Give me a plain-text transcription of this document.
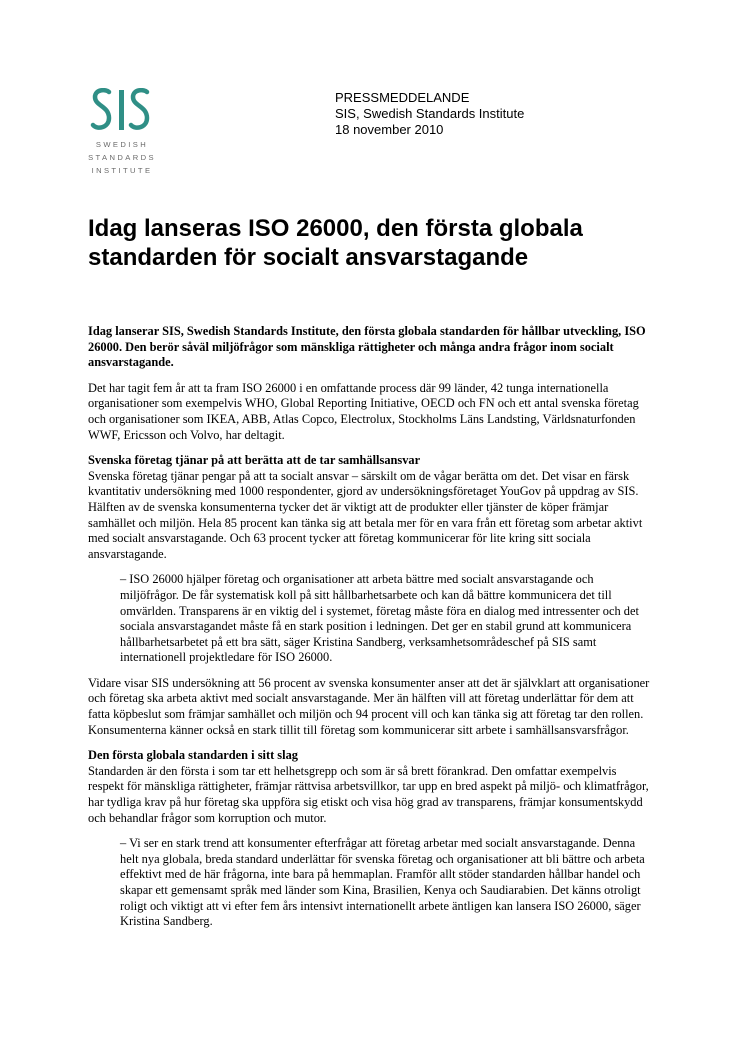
SWEDISH
STANDARDS
INSTITUTE
PRESSMEDDELANDE
SIS, Swedish Standards Institute
18 november 2010
Idag lanseras ISO 26000, den första globala standarden för socialt ansvarstagande

Idag lanserar SIS, Swedish Standards Institute, den första globala standarden för hållbar utveckling, ISO 26000. Den berör såväl miljöfrågor som mänskliga rättigheter och många andra frågor inom socialt ansvarstagande.

Det har tagit fem år att ta fram ISO 26000 i en omfattande process där 99 länder, 42 tunga internationella organisationer som exempelvis WHO, Global Reporting Initiative, OECD och FN och ett antal svenska företag och organisationer som IKEA, ABB, Atlas Copco, Electrolux, Stockholms Läns Landsting, Världsnaturfonden WWF, Ericsson och Volvo, har deltagit.

Svenska företag tjänar på att berätta att de tar samhällsansvar
Svenska företag tjänar pengar på att ta socialt ansvar – särskilt om de vågar berätta om det. Det visar en färsk kvantitativ undersökning med 1000 respondenter, gjord av undersökningsföretaget YouGov på uppdrag av SIS. Hälften av de svenska konsumenterna tycker det är viktigt att de produkter eller tjänster de köper främjar samhället och miljön. Hela 85 procent kan tänka sig att betala mer för en vara från ett företag som arbetar aktivt med socialt ansvarstagande. Och 63 procent tycker att företag kommunicerar för lite kring sitt sociala ansvarstagande.

– ISO 26000 hjälper företag och organisationer att arbeta bättre med socialt ansvarstagande och miljöfrågor. De får systematisk koll på sitt hållbarhetsarbete och kan då bättre kommunicera det till omvärlden. Transparens är en viktig del i systemet, företag måste föra en dialog med intressenter och det sociala ansvarstagandet måste få en stark position i ledningen. Det ger en stabil grund att kommunicera hållbarhetsarbetet på ett bra sätt, säger Kristina Sandberg, verksamhetsområdeschef på SIS samt internationell projektledare för ISO 26000.

Vidare visar SIS undersökning att 56 procent av svenska konsumenter anser att det är självklart att organisationer och företag ska arbeta aktivt med socialt ansvarstagande. Mer än hälften vill att företag underlättar för dem att fatta köpbeslut som främjar samhället och miljön och 94 procent vill och kan tänka sig att företag tar den rollen. Konsumenterna känner också en stark tillit till företag som kommunicerar sitt arbete i samhällsansvarsfrågor.

Den första globala standarden i sitt slag
Standarden är den första i som tar ett helhetsgrepp och som är så brett förankrad. Den omfattar exempelvis respekt för mänskliga rättigheter, främjar rättvisa arbetsvillkor, tar upp en bred aspekt på miljö- och klimatfrågor, har tydliga krav på hur företag ska uppföra sig etiskt och visa hög grad av transparens, främjar konsumentskydd och behandlar frågor som korruption och mutor.

– Vi ser en stark trend att konsumenter efterfrågar att företag arbetar med socialt ansvarstagande. Denna helt nya globala, breda standard underlättar för svenska företag och organisationer att bli bättre och arbeta effektivt med de här frågorna, inte bara på hemmaplan. Framför allt stöder standarden hållbar handel och skapar ett gemensamt språk med länder som Kina, Brasilien, Kenya och Saudiarabien. Det känns otroligt roligt och viktigt att vi efter fem års intensivt internationellt arbete äntligen kan lansera ISO 26000, säger Kristina Sandberg.
